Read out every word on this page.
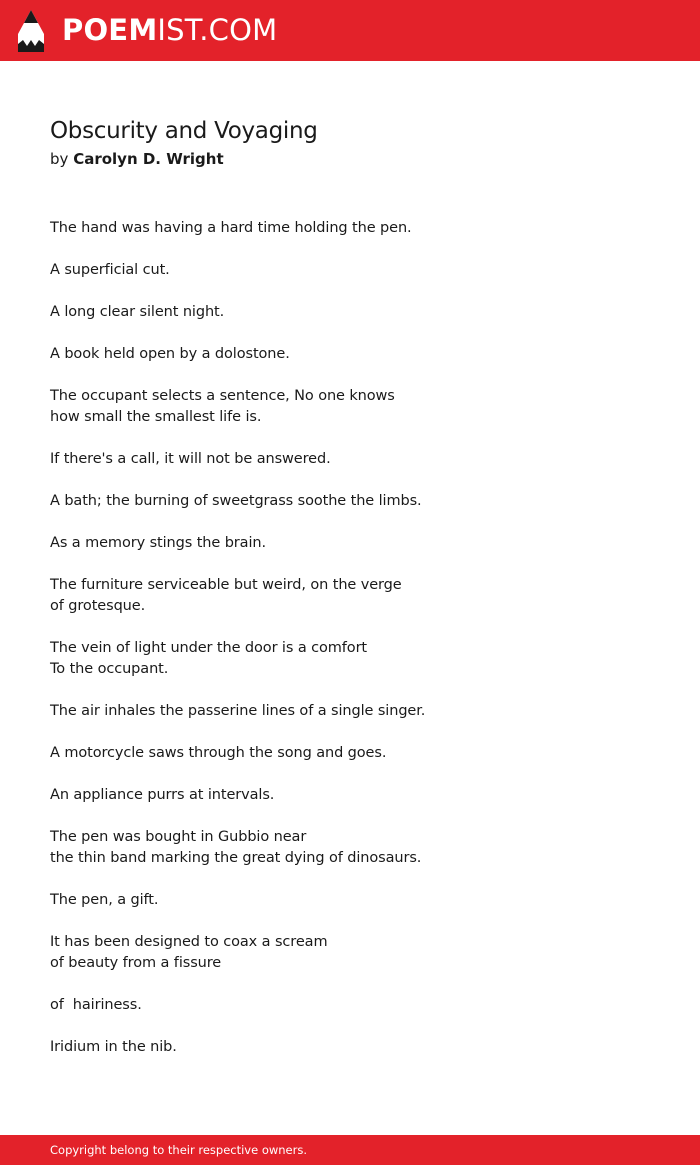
POEMIST.COM
Obscurity and Voyaging
by Carolyn D. Wright
The hand was having a hard time holding the pen.
A superficial cut.
A long clear silent night.
A book held open by a dolostone.
The occupant selects a sentence, No one knows
how small the smallest life is.
If there's a call, it will not be answered.
A bath; the burning of sweetgrass soothe the limbs.
As a memory stings the brain.
The furniture serviceable but weird, on the verge
of grotesque.
The vein of light under the door is a comfort
To the occupant.
The air inhales the passerine lines of a single singer.
A motorcycle saws through the song and goes.
An appliance purrs at intervals.
The pen was bought in Gubbio near
the thin band marking the great dying of dinosaurs.
The pen, a gift.
It has been designed to coax a scream
of beauty from a fissure
of  hairiness.
Iridium in the nib.
Copyright belong to their respective owners.
